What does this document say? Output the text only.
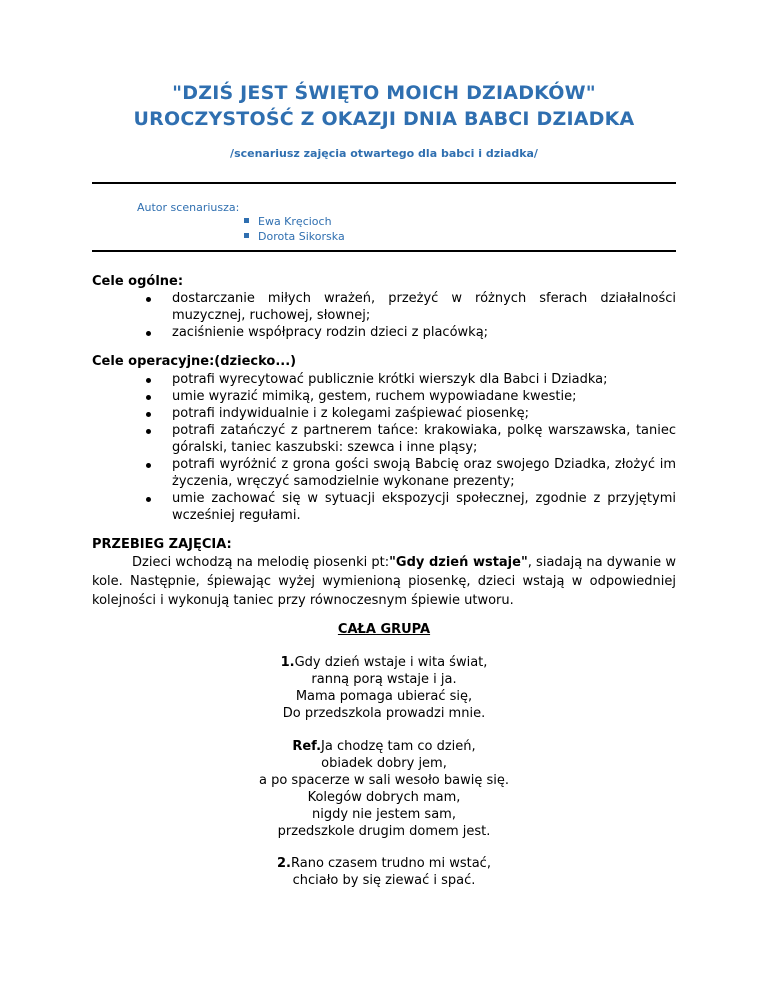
"DZIŚ JEST ŚWIĘTO MOICH DZIADKÓW"
UROCZYSTOŚĆ Z OKAZJI DNIA BABCI DZIADKA
/scenariusz zajęcia otwartego dla babci i dziadka/
Autor scenariusza:
Ewa Kręcioch
Dorota Sikorska
Cele ogólne:
dostarczanie miłych wrażeń, przeżyć w różnych sferach działalności muzycznej, ruchowej, słownej;
zaciśnienie współpracy rodzin dzieci z placówką;
Cele operacyjne:(dziecko...)
potrafi wyrecytować publicznie krótki wierszyk dla Babci i Dziadka;
umie wyrazić mimiką, gestem, ruchem wypowiadane kwestie;
potrafi indywidualnie i z kolegami zaśpiewać piosenkę;
potrafi zatańczyć z partnerem tańce: krakowiaka, polkę warszawska, taniec góralski, taniec kaszubski: szewca i inne pląsy;
potrafi wyróżnić z grona gości swoją Babcię oraz swojego Dziadka, złożyć im życzenia, wręczyć samodzielnie wykonane prezenty;
umie zachować się w sytuacji ekspozycji społecznej, zgodnie z przyjętymi wcześniej regułami.
PRZEBIEG ZAJĘCIA:
Dzieci wchodzą na melodię piosenki pt:"Gdy dzień wstaje", siadają na dywanie w kole. Następnie, śpiewając wyżej wymienioną piosenkę, dzieci wstają w odpowiedniej kolejności i wykonują taniec przy równoczesnym śpiewie utworu.
CAŁA GRUPA
1.Gdy dzień wstaje i wita świat,
ranną porą wstaje i ja.
Mama pomaga ubierać się,
Do przedszkola prowadzi mnie.
Ref.Ja chodzę tam co dzień,
obiadek dobry jem,
a po spacerze w sali wesoło bawię się.
Kolegów dobrych mam,
nigdy nie jestem sam,
przedszkole drugim domem jest.
2.Rano czasem trudno mi wstać,
chciało by się ziewać i spać.
